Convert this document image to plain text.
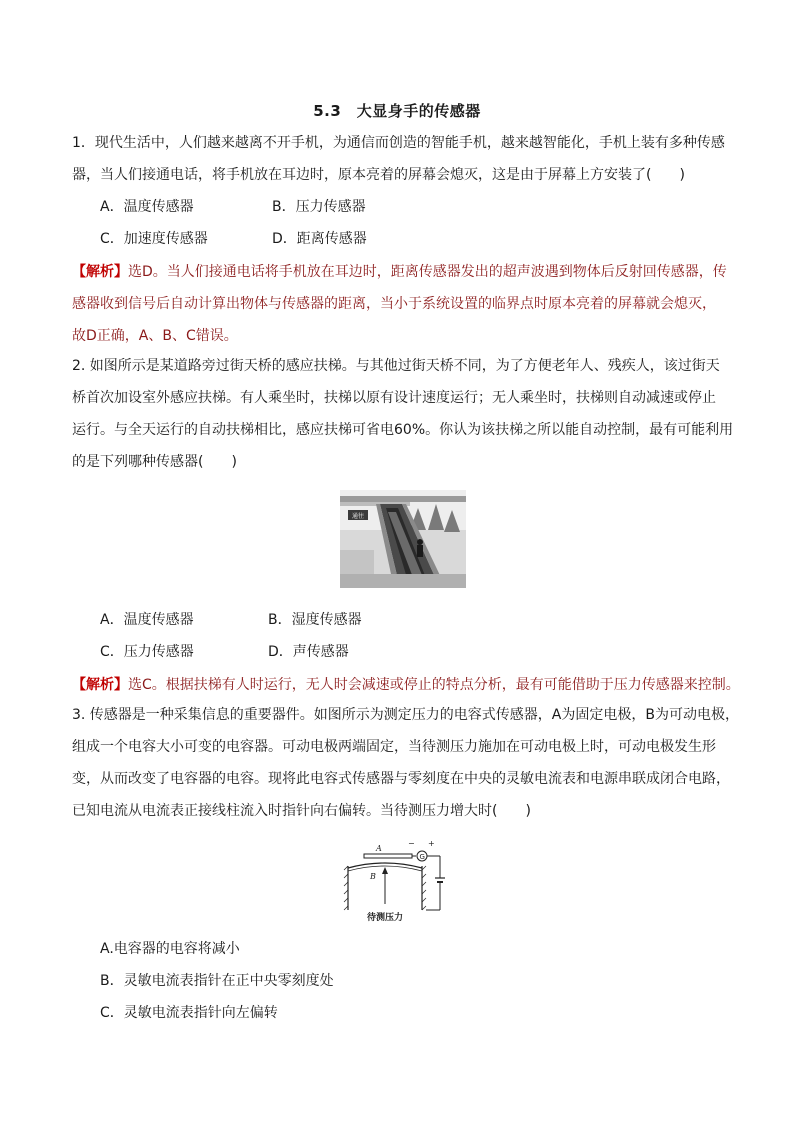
5.3　大显身手的传感器
1．现代生活中，人们越来越离不开手机，为通信而创造的智能手机，越来越智能化，手机上装有多种传感
器，当人们接通电话，将手机放在耳边时，原本亮着的屏幕会熄灭，这是由于屏幕上方安装了(　　)
A．温度传感器	B．压力传感器
C．加速度传感器	D．距离传感器
【解析】选D。当人们接通电话将手机放在耳边时，距离传感器发出的超声波遇到物体后反射回传感器，传
感器收到信号后自动计算出物体与传感器的距离，当小于系统设置的临界点时原本亮着的屏幕就会熄灭，
故D正确，A、B、C错误。
2. 如图所示是某道路旁过街天桥的感应扶梯。与其他过街天桥不同，为了方便老年人、残疾人，该过街天
桥首次加设室外感应扶梯。有人乘坐时，扶梯以原有设计速度运行；无人乘坐时，扶梯则自动减速或停止
运行。与全天运行的自动扶梯相比，感应扶梯可省电60%。你认为该扶梯之所以能自动控制，最有可能利用
的是下列哪种传感器(　　)
通往
A．温度传感器	B．湿度传感器
C．压力传感器	D．声传感器
【解析】选C。根据扶梯有人时运行，无人时会减速或停止的特点分析，最有可能借助于压力传感器来控制。
3. 传感器是一种采集信息的重要器件。如图所示为测定压力的电容式传感器，A为固定电极，B为可动电极，
组成一个电容大小可变的电容器。可动电极两端固定，当待测压力施加在可动电极上时，可动电极发生形
变，从而改变了电容器的电容。现将此电容式传感器与零刻度在中央的灵敏电流表和电源串联成闭合电路，
已知电流从电流表正接线柱流入时指针向右偏转。当待测压力增大时(　　)
A
B
G
− +
待测压力
A.电容器的电容将减小
B．灵敏电流表指针在正中央零刻度处
C．灵敏电流表指针向左偏转
